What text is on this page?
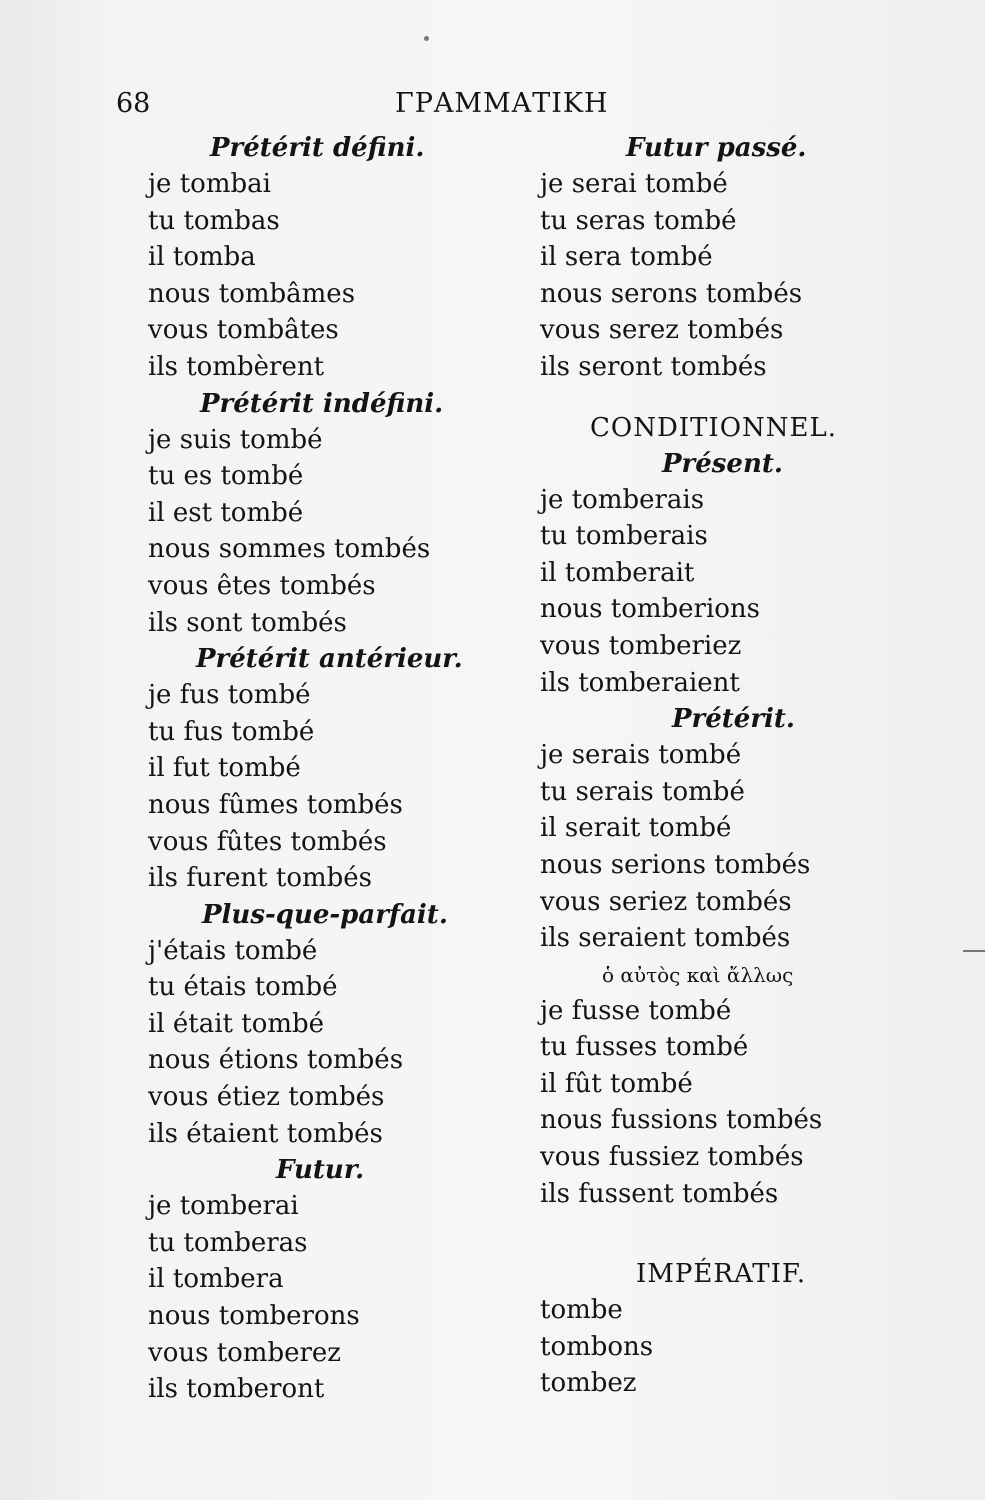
68	ΓΡΑΜΜΑΤΙΚΗ
Prétérit défini.
je tombai
tu tombas
il tomba
nous tombâmes
vous tombâtes
ils tombèrent
Prétérit indéfini.
je suis tombé
tu es tombé
il est tombé
nous sommes tombés
vous êtes tombés
ils sont tombés
Prétérit antérieur.
je fus tombé
tu fus tombé
il fut tombé
nous fûmes tombés
vous fûtes tombés
ils furent tombés
Plus-que-parfait.
j'étais tombé
tu étais tombé
il était tombé
nous étions tombés
vous étiez tombés
ils étaient tombés
Futur.
je tomberai
tu tomberas
il tombera
nous tomberons
vous tomberez
ils tomberont
Futur passé.
je serai tombé
tu seras tombé
il sera tombé
nous serons tombés
vous serez tombés
ils seront tombés
CONDITIONNEL.
Présent.
je tomberais
tu tomberais
il tomberait
nous tomberions
vous tomberiez
ils tomberaient
Prétérit.
je serais tombé
tu serais tombé
il serait tombé
nous serions tombés
vous seriez tombés
ils seraient tombés
ὁ αὐτὸς καὶ ἄλλως
je fusse tombé
tu fusses tombé
il fût tombé
nous fussions tombés
vous fussiez tombés
ils fussent tombés
IMPÉRATIF.
tombe
tombons
tombez
